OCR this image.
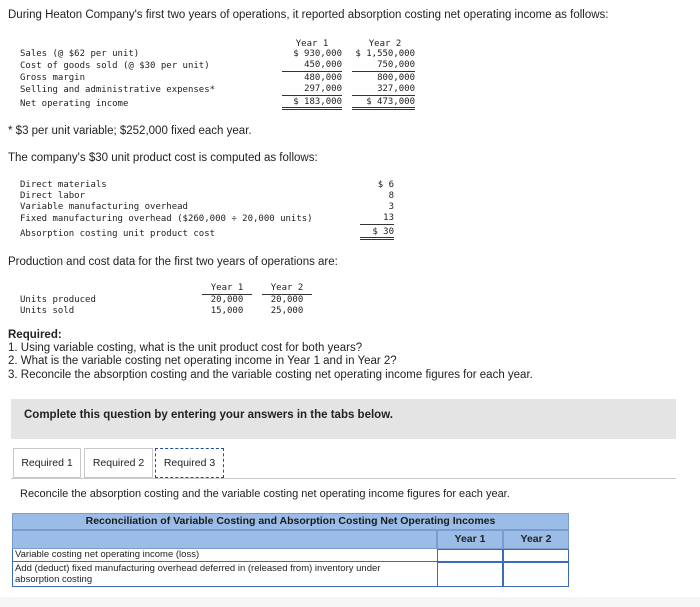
During Heaton Company's first two years of operations, it reported absorption costing net operating income as follows:
Year 1	Year 2
Sales (@ $62 per unit)	$ 930,000	$ 1,550,000
Cost of goods sold (@ $30 per unit)	450,000	750,000
Gross margin	480,000	800,000
Selling and administrative expenses*	297,000	327,000
Net operating income	$ 183,000	$ 473,000
* $3 per unit variable; $252,000 fixed each year.
The company's $30 unit product cost is computed as follows:
Direct materials	$ 6
Direct labor	8
Variable manufacturing overhead	3
Fixed manufacturing overhead ($260,000 ÷ 20,000 units)	13
Absorption costing unit product cost	$ 30
Production and cost data for the first two years of operations are:
Year 1	Year 2
Units produced	20,000	20,000
Units sold	15,000	25,000
Required:
1. Using variable costing, what is the unit product cost for both years?
2. What is the variable costing net operating income in Year 1 and in Year 2?
3. Reconcile the absorption costing and the variable costing net operating income figures for each year.
Complete this question by entering your answers in the tabs below.
Required 1	Required 2	Required 3
Reconcile the absorption costing and the variable costing net operating income figures for each year.
Reconciliation of Variable Costing and Absorption Costing Net Operating Incomes
Year 1	Year 2
Variable costing net operating income (loss)
Add (deduct) fixed manufacturing overhead deferred in (released from) inventory under
absorption costing
